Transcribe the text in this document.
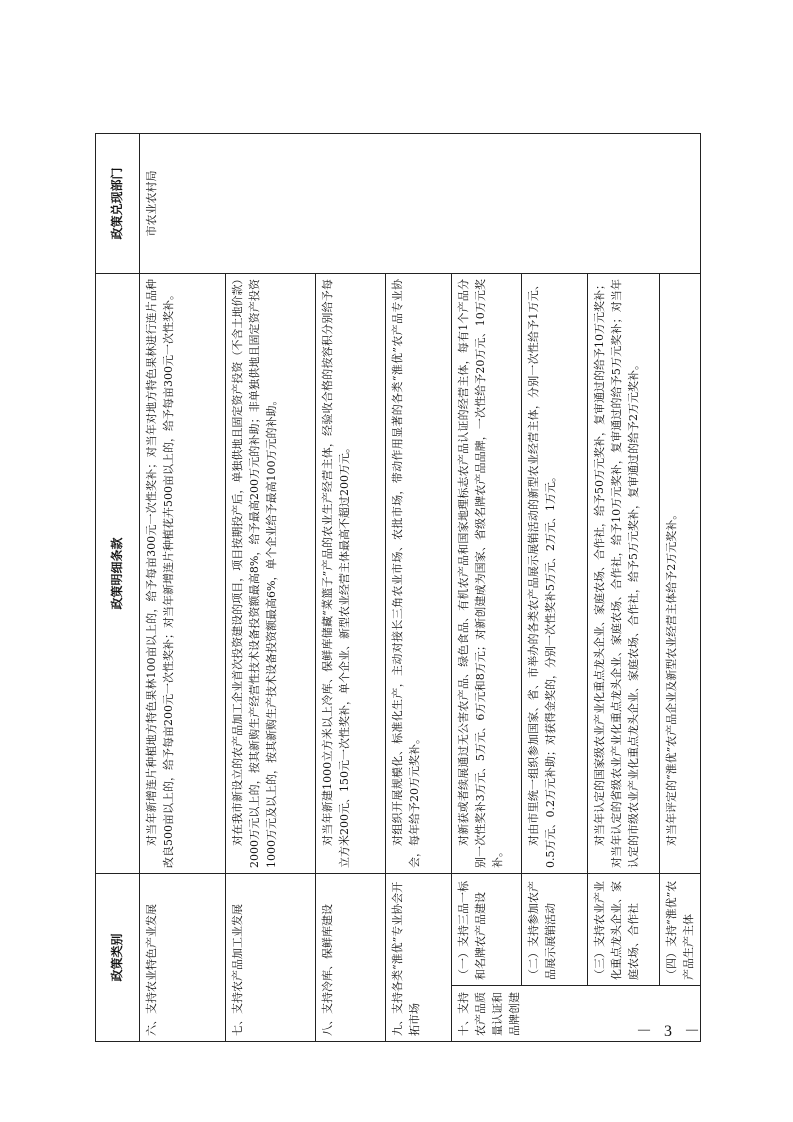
政策类别		政策明细条款	政策兑现部门
六、支持农业特色产业发展		对当年新增连片种植地方特色果林100亩以上的，给予每亩300元一次性奖补；对当年对地方特色果林进行连片品种改良500亩以上的，给予每亩200元一次性奖补；对当年新增连片种植花卉500亩以上的，给予每亩300元一次性奖补。	市农业农村局
七、支持农产品加工业发展		对在我市新设立的农产品加工企业首次投资建设的项目，项目按期投产后，单独供地且固定资产投资（不含土地价款）2000万元以上的，按其新购生产经营性技术设备投资额最高8%，给予最高200万元的补助；非单独供地且固定资产投资1000万元及以上的，按其新购生产技术设备投资额最高6%，单个企业给予最高100万元的补助。	
八、支持冷库、保鲜库建设		对当年新建1000立方米以上冷库、保鲜库储藏“菜篮子”产品的农业生产经营主体，经验收合格的按容积分别给予每立方米200元、150元一次性奖补，单个企业、新型农业经营主体最高不超过200万元。	
九、支持各类“淮优”专业协会开拓市场		对组织开展规模化、标准化生产，主动对接长三角农业市场、农批市场，带动作用显著的各类“淮优”农产品专业协会，每年给予20万元奖补。	
十、支持农产品质量认证和品牌创建	（一）支持三品一标和名牌农产品建设	对新获或者续展通过无公害农产品、绿色食品、有机农产品和国家地理标志农产品认证的经营主体，每有1个产品分别一次性奖补3万元、5万元、6万元和8万元；对新创建成为国家、省级名牌农产品品牌，一次性给予20万元、10万元奖补。	
	（二）支持参加农产品展示展销活动	对由市里统一组织参加国家、省、市举办的各类农产品展示展销活动的新型农业经营主体，分别一次性给予1万元、0.5万元、0.2万元补助；对获得金奖的，分别一次性奖补5万元、2万元、1万元。	
	（三）支持农业产业化重点龙头企业、家庭农场、合作社	对当年认定的国家级农业产业化重点龙头企业、家庭农场、合作社，给予50万元奖补，复审通过的给予10万元奖补；对当年认定的省级农业产业化重点龙头企业、家庭农场、合作社，给予10万元奖补，复审通过的给予5万元奖补；对当年认定的市级农业产业化重点龙头企业、家庭农场、合作社，给予5万元奖补，复审通过的给予2万元奖补。	
	（四）支持“淮优”农产品生产主体	对当年评定的“淮优”农产品企业及新型农业经营主体给予2万元奖补。	
－ 3 －
